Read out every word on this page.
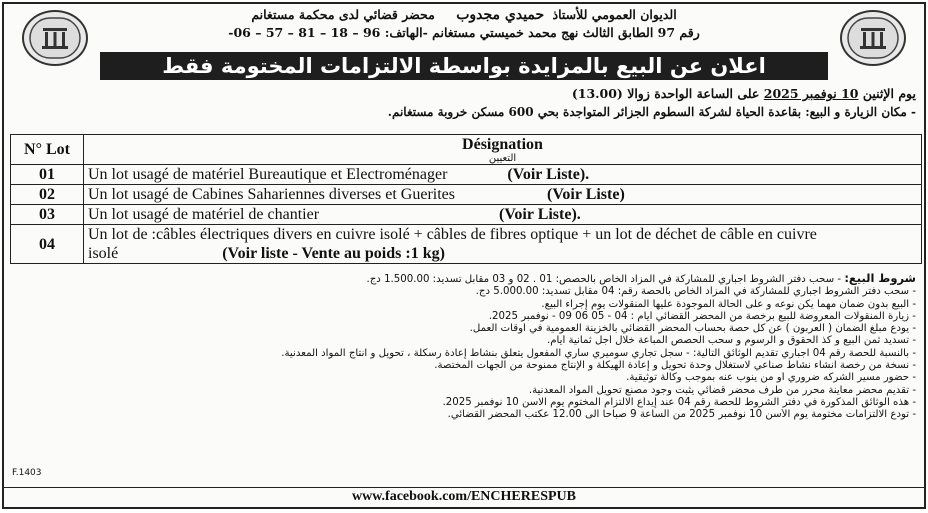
الديوان العمومي للأستاذ حميدي مجدوب    محضر قضائي لدى محكمة مستغانم
رقم 97 الطابق الثالث نهج محمد خميستي مستغانم -الهاتف: 96 – 18 – 81 – 57 – 06-
اعلان عن البيع بالمزايدة بواسطة الالتزامات المختومة فقط
يوم الإثنين 10 نوفمبر 2025 على الساعة الواحدة زوالا (13.00)
- مكان الزيارة و البيع: بقاعدة الحياة لشركة السطوم الجزائر المتواجدة بحي 600 مسكن خروبة مستغانم.
N° Lot	Désignation
التعيين

01	Un lot usagé de matériel Bureautique et Electroménager (Voir Liste).
02	Un lot usagé de Cabines Sahariennes diverses et Guerites (Voir Liste)
03	Un lot usagé de matériel de chantier (Voir Liste).
04	Un lot de :câbles électriques divers en cuivre isolé + câbles de fibres optique + un lot de déchet de câble en cuivre isolé (Voir liste - Vente au poids :1 kg)
شروط البيع: - سحب دفتر الشروط اجباري للمشاركة في المزاد الخاص بالحصص: 01 . 02 و 03 مقابل تسديد: 1.500.00 دج.
- سحب دفتر الشروط اجباري للمشاركة في المزاد الخاص بالحصة رقم: 04 مقابل تسديد: 5.000.00 دج.
- البيع بدون ضمان مهما يكن نوعه و على الحالة الموجودة عليها المنقولات يوم إجراء البيع.
- زيارة المنقولات المعروضة للبيع برخصة من المحضر القضائي أيام : 04 - 05 06 09 - نوفمبر 2025.
- يودع مبلغ الضمان ( العربون ) عن كل حصة بحساب المحضر القضائي بالخزينة العمومية في أوقات العمل.
- تسديد ثمن البيع و كذ الحقوق و الرسوم و سحب الحصص المباعة خلال أجل ثمانية أيام.
- بالنسبة للحصة رقم 04 اجباري تقديم الوثائق التالية: - سجل تجاري سوميري ساري المفعول يتعلق بنشاط إعادة رسكلة ، تحويل و انتاج المواد المعدنية.
- نسخة من رخصة انشاء نشاط صناعي لاستغلال وحدة تحويل و إعادة الهيكلة و الإنتاج ممنوحة من الجهات المختصة.
- حضور مسير الشركه ضروري أو من ينوب عنه بموجب وكالة توثيقية.
- تقديم محضر معاينة محرر من طرف محضر قضائي يثبت وجود مصنع تحويل المواد المعدنية.
- هذه الوثائق المذكورة في دفتر الشروط للحصة رقم 04 عند إيداع الالتزام المختوم يوم الاسن 10 نوفمبر 2025.
- تودع الالتزامات مختومة يوم الأسن 10 نوفمبر 2025 من الساعة 9 صباحا الى 12.00 عكتب المحضر القضائي.
F.1403
www.facebook.com/ENCHERESPUB
